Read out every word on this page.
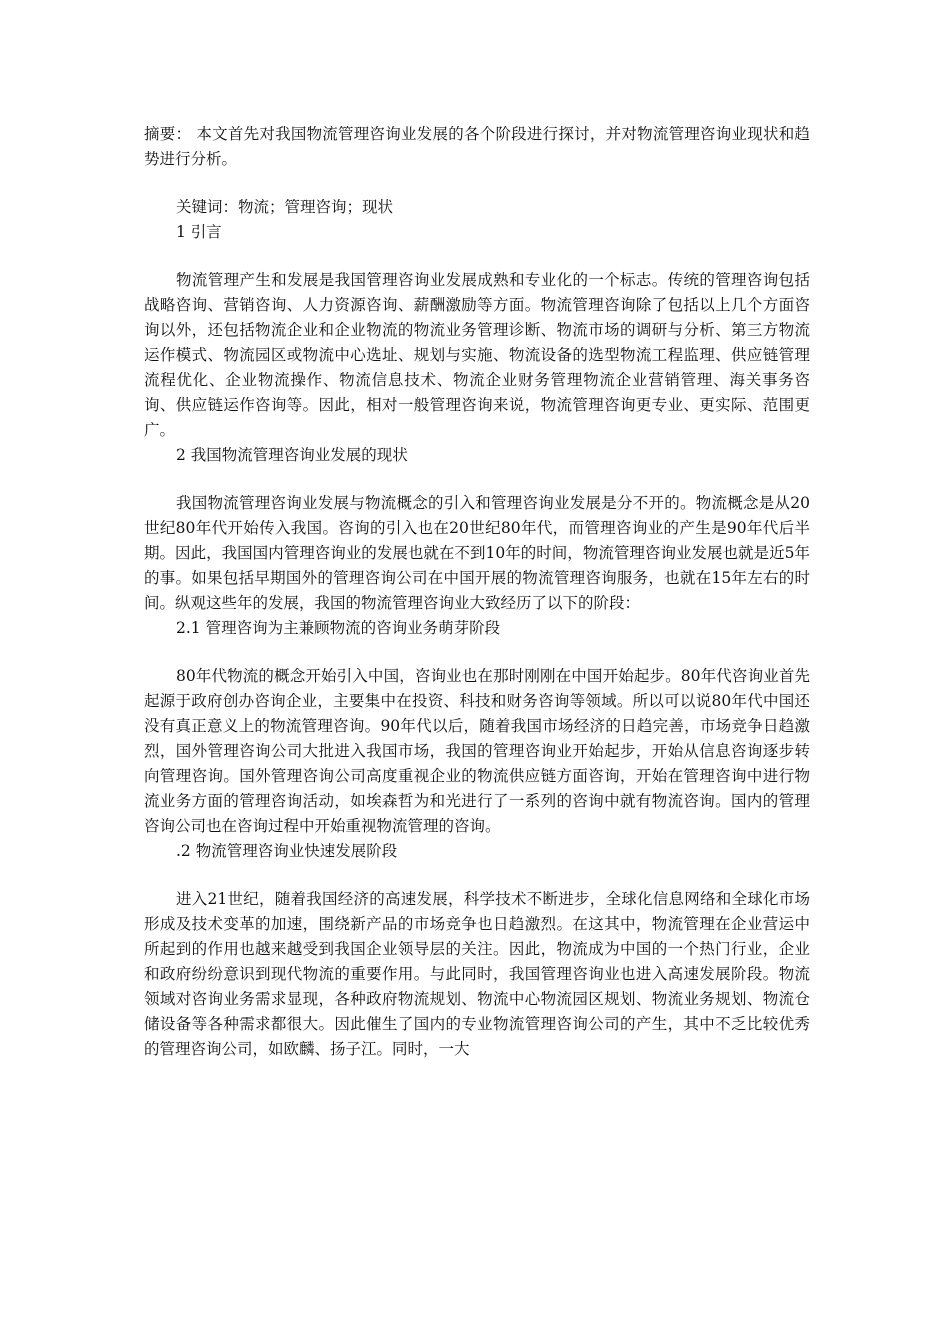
摘要： 本文首先对我国物流管理咨询业发展的各个阶段进行探讨，并对物流管理咨询业现状和趋势进行分析。

关键词：物流；管理咨询；现状

1 引言

物流管理产生和发展是我国管理咨询业发展成熟和专业化的一个标志。传统的管理咨询包括战略咨询、营销咨询、人力资源咨询、薪酬激励等方面。物流管理咨询除了包括以上几个方面咨询以外，还包括物流企业和企业物流的物流业务管理诊断、物流市场的调研与分析、第三方物流运作模式、物流园区或物流中心选址、规划与实施、物流设备的选型物流工程监理、供应链管理流程优化、企业物流操作、物流信息技术、物流企业财务管理物流企业营销管理、海关事务咨询、供应链运作咨询等。因此，相对一般管理咨询来说，物流管理咨询更专业、更实际、范围更广。

2 我国物流管理咨询业发展的现状

我国物流管理咨询业发展与物流概念的引入和管理咨询业发展是分不开的。物流概念是从20世纪80年代开始传入我国。咨询的引入也在20世纪80年代，而管理咨询业的产生是90年代后半期。因此，我国国内管理咨询业的发展也就在不到10年的时间，物流管理咨询业发展也就是近5年的事。如果包括早期国外的管理咨询公司在中国开展的物流管理咨询服务，也就在15年左右的时间。纵观这些年的发展，我国的物流管理咨询业大致经历了以下的阶段：

2.1 管理咨询为主兼顾物流的咨询业务萌芽阶段

80年代物流的概念开始引入中国，咨询业也在那时刚刚在中国开始起步。80年代咨询业首先起源于政府创办咨询企业，主要集中在投资、科技和财务咨询等领域。所以可以说80年代中国还没有真正意义上的物流管理咨询。90年代以后，随着我国市场经济的日趋完善，市场竞争日趋激烈，国外管理咨询公司大批进入我国市场，我国的管理咨询业开始起步，开始从信息咨询逐步转向管理咨询。国外管理咨询公司高度重视企业的物流供应链方面咨询，开始在管理咨询中进行物流业务方面的管理咨询活动，如埃森哲为和光进行了一系列的咨询中就有物流咨询。国内的管理咨询公司也在咨询过程中开始重视物流管理的咨询。

.2 物流管理咨询业快速发展阶段

进入21世纪，随着我国经济的高速发展，科学技术不断进步，全球化信息网络和全球化市场形成及技术变革的加速，围绕新产品的市场竞争也日趋激烈。在这其中，物流管理在企业营运中所起到的作用也越来越受到我国企业领导层的关注。因此，物流成为中国的一个热门行业，企业和政府纷纷意识到现代物流的重要作用。与此同时，我国管理咨询业也进入高速发展阶段。物流领域对咨询业务需求显现，各种政府物流规划、物流中心物流园区规划、物流业务规划、物流仓储设备等各种需求都很大。因此催生了国内的专业物流管理咨询公司的产生，其中不乏比较优秀的管理咨询公司，如欧麟、扬子江。同时，一大
